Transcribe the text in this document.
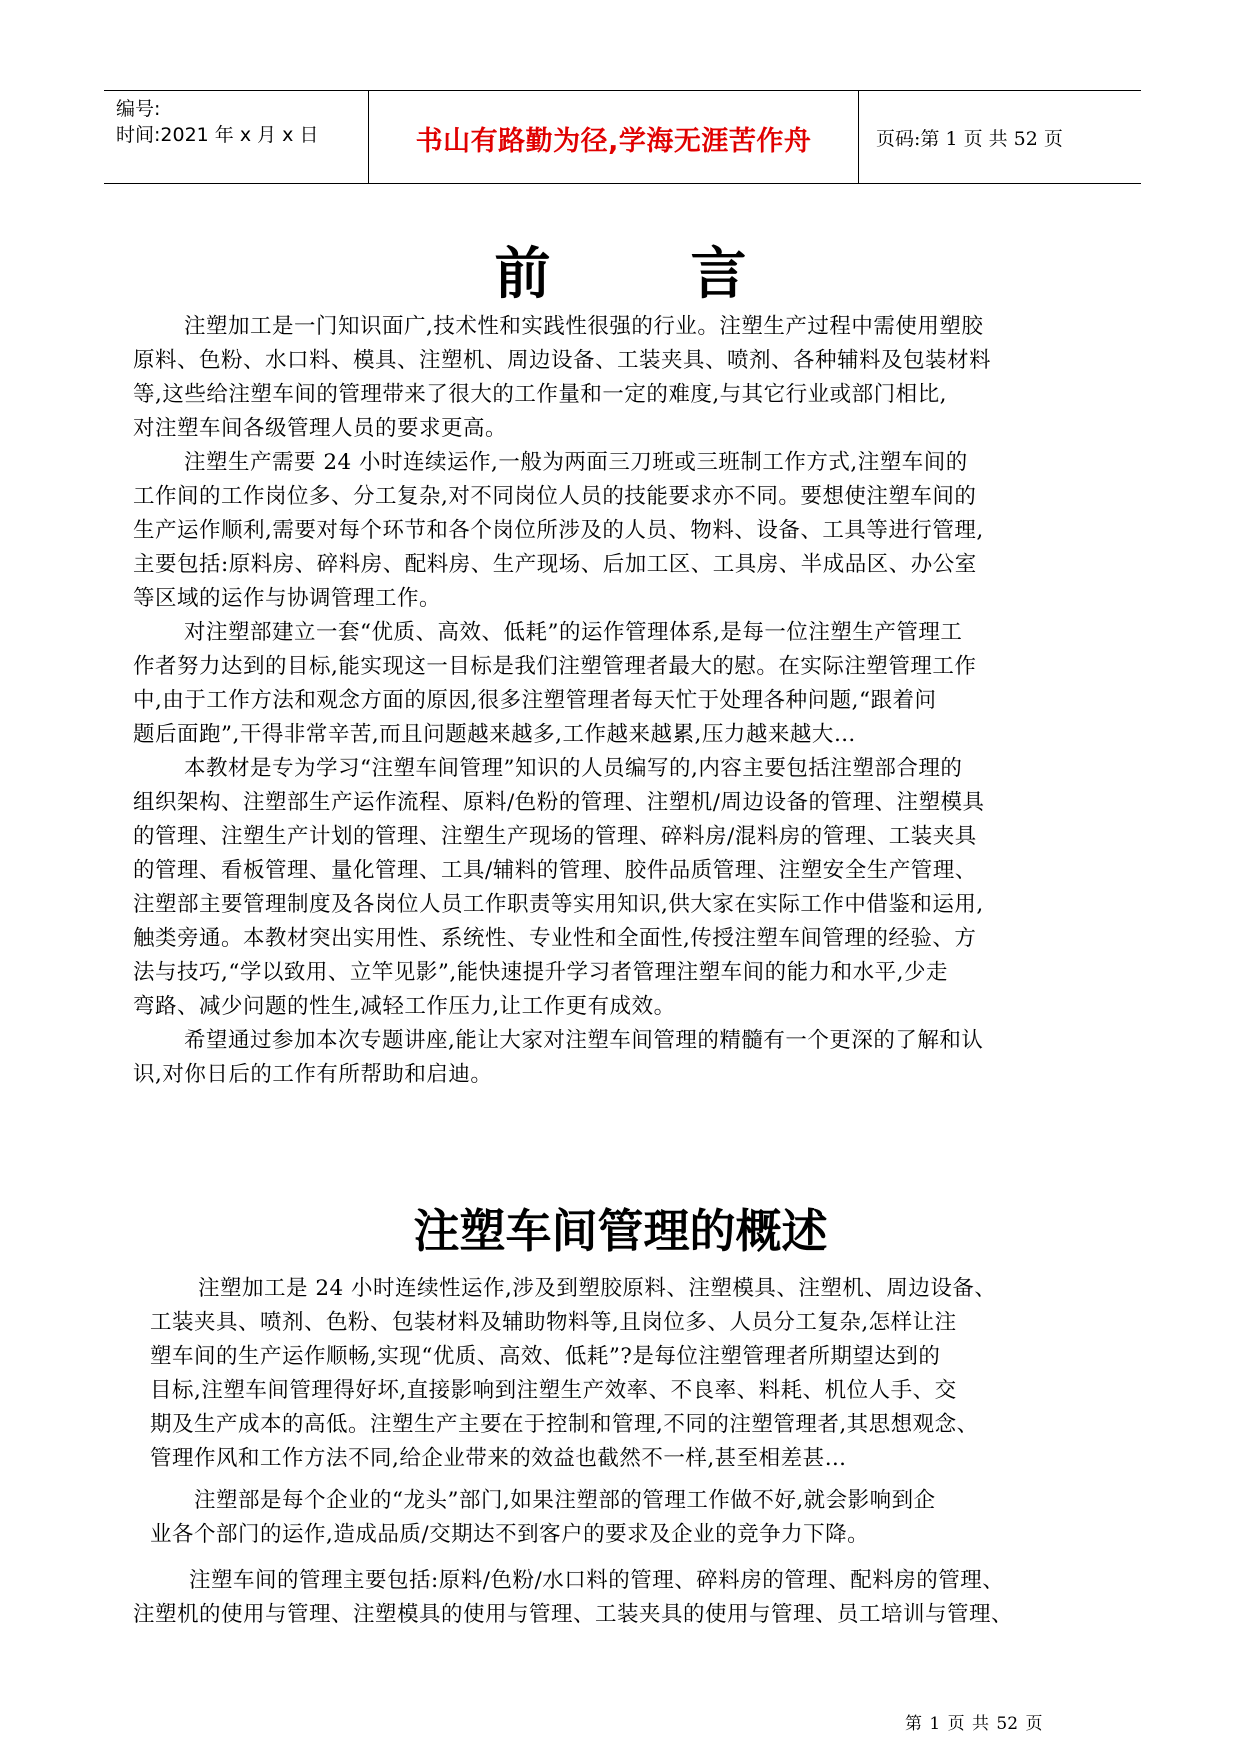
编号:
时间:2021 年 x 月 x 日	书山有路勤为径,学海无涯苦作舟	页码:第 1 页 共 52 页
前言
注塑加工是一门知识面广,技术性和实践性很强的行业。注塑生产过程中需使用塑胶
原料、色粉、水口料、模具、注塑机、周边设备、工装夹具、喷剂、各种辅料及包装材料
等,这些给注塑车间的管理带来了很大的工作量和一定的难度,与其它行业或部门相比,
对注塑车间各级管理人员的要求更高。
注塑生产需要 24 小时连续运作,一般为两面三刀班或三班制工作方式,注塑车间的
工作间的工作岗位多、分工复杂,对不同岗位人员的技能要求亦不同。要想使注塑车间的
生产运作顺利,需要对每个环节和各个岗位所涉及的人员、物料、设备、工具等进行管理,
主要包括:原料房、碎料房、配料房、生产现场、后加工区、工具房、半成品区、办公室
等区域的运作与协调管理工作。
对注塑部建立一套“优质、高效、低耗”的运作管理体系,是每一位注塑生产管理工
作者努力达到的目标,能实现这一目标是我们注塑管理者最大的慰。在实际注塑管理工作
中,由于工作方法和观念方面的原因,很多注塑管理者每天忙于处理各种问题,“跟着问
题后面跑”,干得非常辛苦,而且问题越来越多,工作越来越累,压力越来越大…
本教材是专为学习“注塑车间管理”知识的人员编写的,内容主要包括注塑部合理的
组织架构、注塑部生产运作流程、原料/色粉的管理、注塑机/周边设备的管理、注塑模具
的管理、注塑生产计划的管理、注塑生产现场的管理、碎料房/混料房的管理、工装夹具
的管理、看板管理、量化管理、工具/辅料的管理、胶件品质管理、注塑安全生产管理、
注塑部主要管理制度及各岗位人员工作职责等实用知识,供大家在实际工作中借鉴和运用,
触类旁通。本教材突出实用性、系统性、专业性和全面性,传授注塑车间管理的经验、方
法与技巧,“学以致用、立竿见影”,能快速提升学习者管理注塑车间的能力和水平,少走
弯路、减少问题的性生,减轻工作压力,让工作更有成效。
希望通过参加本次专题讲座,能让大家对注塑车间管理的精髓有一个更深的了解和认
识,对你日后的工作有所帮助和启迪。
注塑车间管理的概述
注塑加工是 24 小时连续性运作,涉及到塑胶原料、注塑模具、注塑机、周边设备、
工装夹具、喷剂、色粉、包装材料及辅助物料等,且岗位多、人员分工复杂,怎样让注
塑车间的生产运作顺畅,实现“优质、高效、低耗”?是每位注塑管理者所期望达到的
目标,注塑车间管理得好坏,直接影响到注塑生产效率、不良率、料耗、机位人手、交
期及生产成本的高低。注塑生产主要在于控制和管理,不同的注塑管理者,其思想观念、
管理作风和工作方法不同,给企业带来的效益也截然不一样,甚至相差甚…
注塑部是每个企业的“龙头”部门,如果注塑部的管理工作做不好,就会影响到企
业各个部门的运作,造成品质/交期达不到客户的要求及企业的竞争力下降。
注塑车间的管理主要包括:原料/色粉/水口料的管理、碎料房的管理、配料房的管理、
注塑机的使用与管理、注塑模具的使用与管理、工装夹具的使用与管理、员工培训与管理、
第 1 页 共 52 页
